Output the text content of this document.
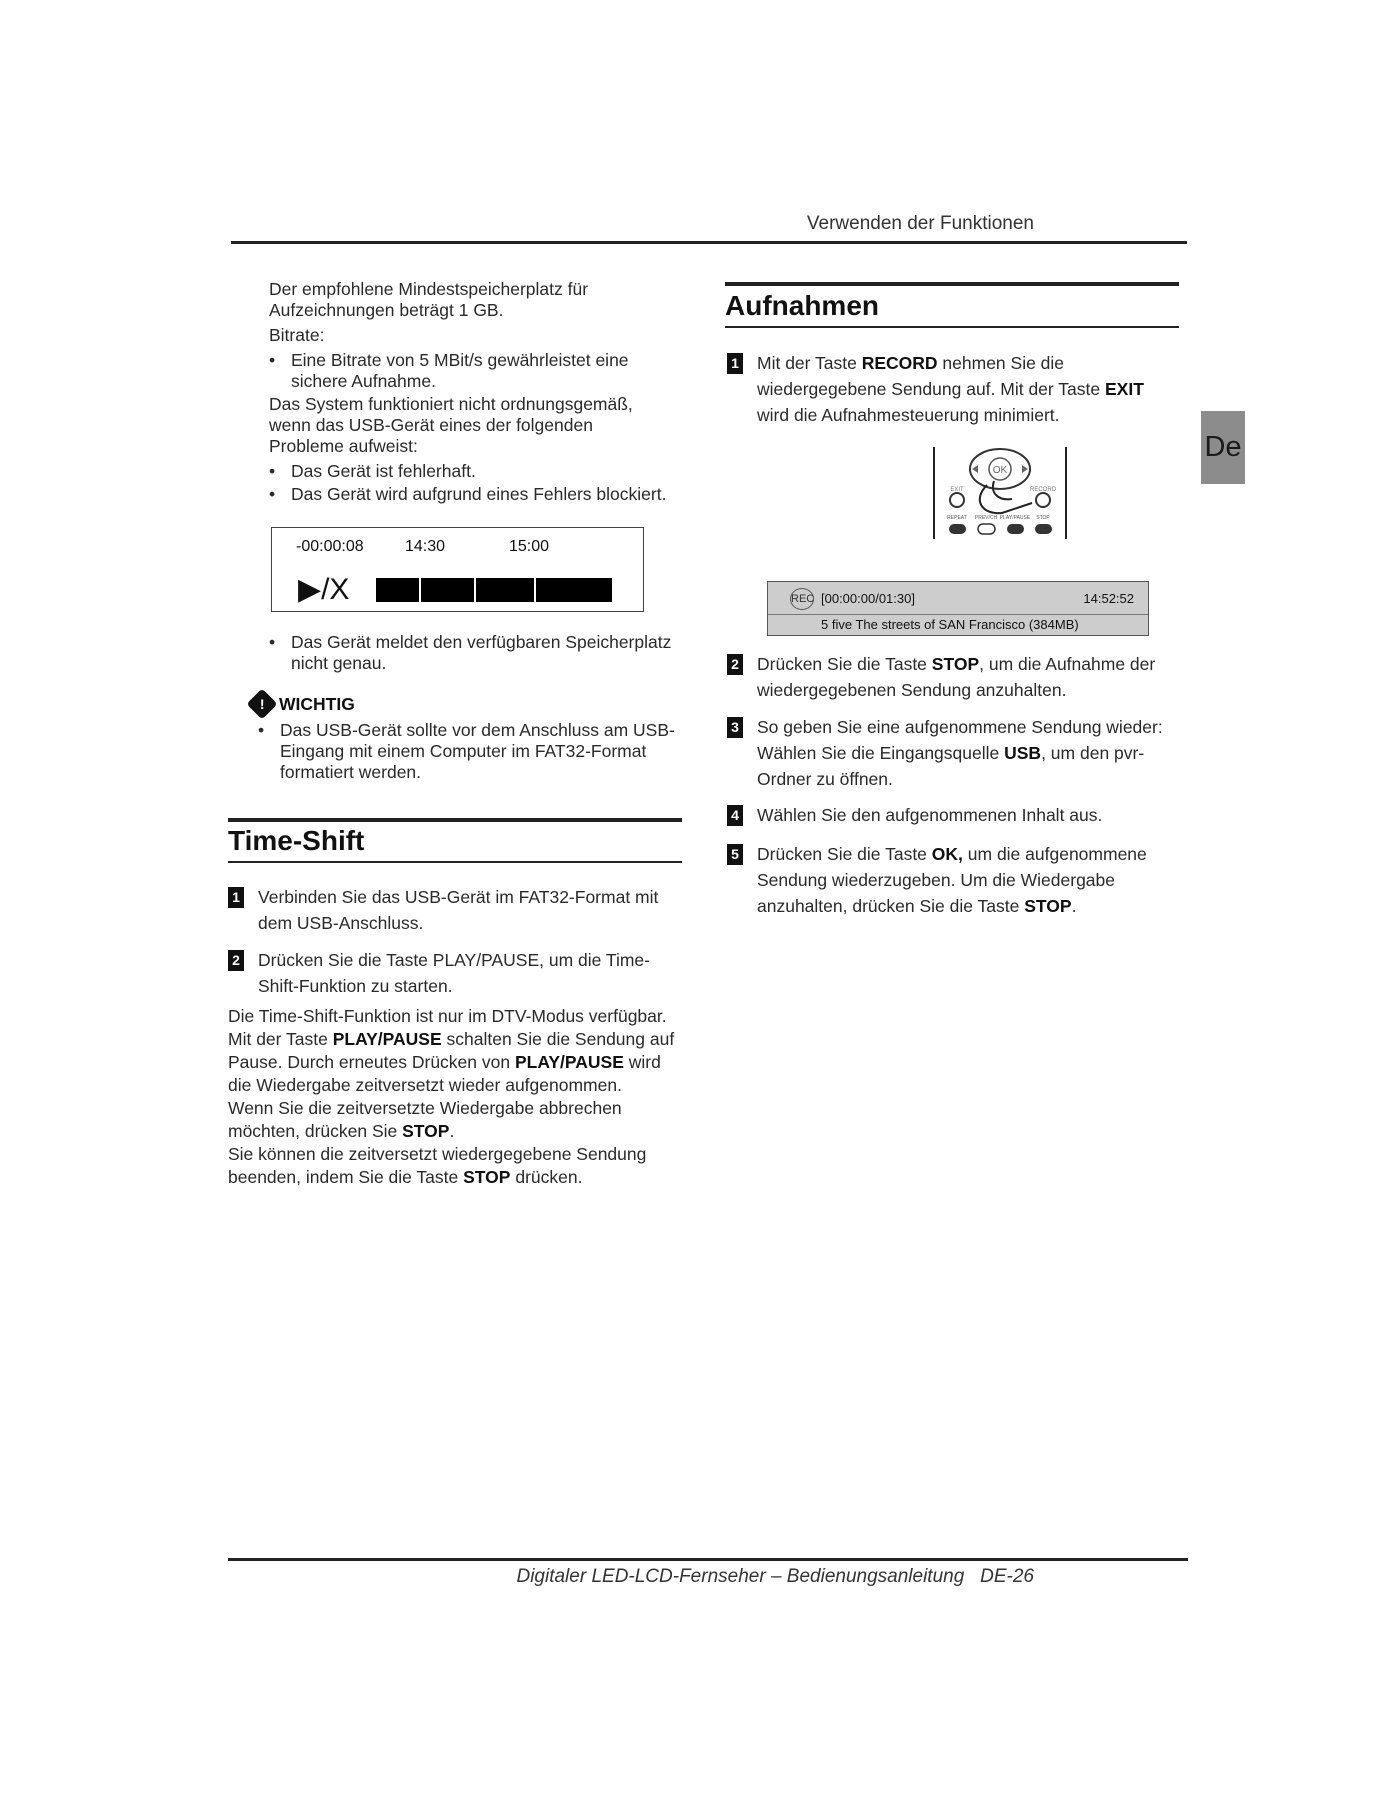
Verwenden der Funktionen
De

Der empfohlene Mindestspeicherplatz für Aufzeichnungen beträgt 1 GB.

Bitrate:

• Eine Bitrate von 5 MBit/s gewährleistet eine sichere Aufnahme.

Das System funktioniert nicht ordnungsgemäß, wenn das USB-Gerät eines der folgenden Probleme aufweist:

• Das Gerät ist fehlerhaft.
• Das Gerät wird aufgrund eines Fehlers blockiert.
-00:00:08	14:30	15:00
▶/X
• Das Gerät meldet den verfügbaren Speicherplatz nicht genau.
! WICHTIG
• Das USB-Gerät sollte vor dem Anschluss am USB-Eingang mit einem Computer im FAT32-Format formatiert werden.
Time-Shift
1 Verbinden Sie das USB-Gerät im FAT32-Format mit dem USB-Anschluss.
2 Drücken Sie die Taste PLAY/PAUSE, um die Time-Shift-Funktion zu starten.
Die Time-Shift-Funktion ist nur im DTV-Modus verfügbar.
Mit der Taste PLAY/PAUSE schalten Sie die Sendung auf Pause. Durch erneutes Drücken von PLAY/PAUSE wird die Wiedergabe zeitversetzt wieder aufgenommen.
Wenn Sie die zeitversetzte Wiedergabe abbrechen möchten, drücken Sie STOP.
Sie können die zeitversetzt wiedergegebene Sendung beenden, indem Sie die Taste STOP drücken.
Aufnahmen
1 Mit der Taste RECORD nehmen Sie die wiedergegebene Sendung auf. Mit der Taste EXIT wird die Aufnahmesteuerung minimiert.
OK
EXIT	RECORD
REPEAT PREV/CH PLAY/PAUSE STOP
REC [00:00:00/01:30]	14:52:52
5 five The streets of SAN Francisco (384MB)
2 Drücken Sie die Taste STOP, um die Aufnahme der wiedergegebenen Sendung anzuhalten.
3 So geben Sie eine aufgenommene Sendung wieder: Wählen Sie die Eingangsquelle USB, um den pvr-Ordner zu öffnen.
4 Wählen Sie den aufgenommenen Inhalt aus.
5 Drücken Sie die Taste OK, um die aufgenommene Sendung wiederzugeben. Um die Wiedergabe anzuhalten, drücken Sie die Taste STOP.
Digitaler LED-LCD-Fernseher – Bedienungsanleitung DE-26
